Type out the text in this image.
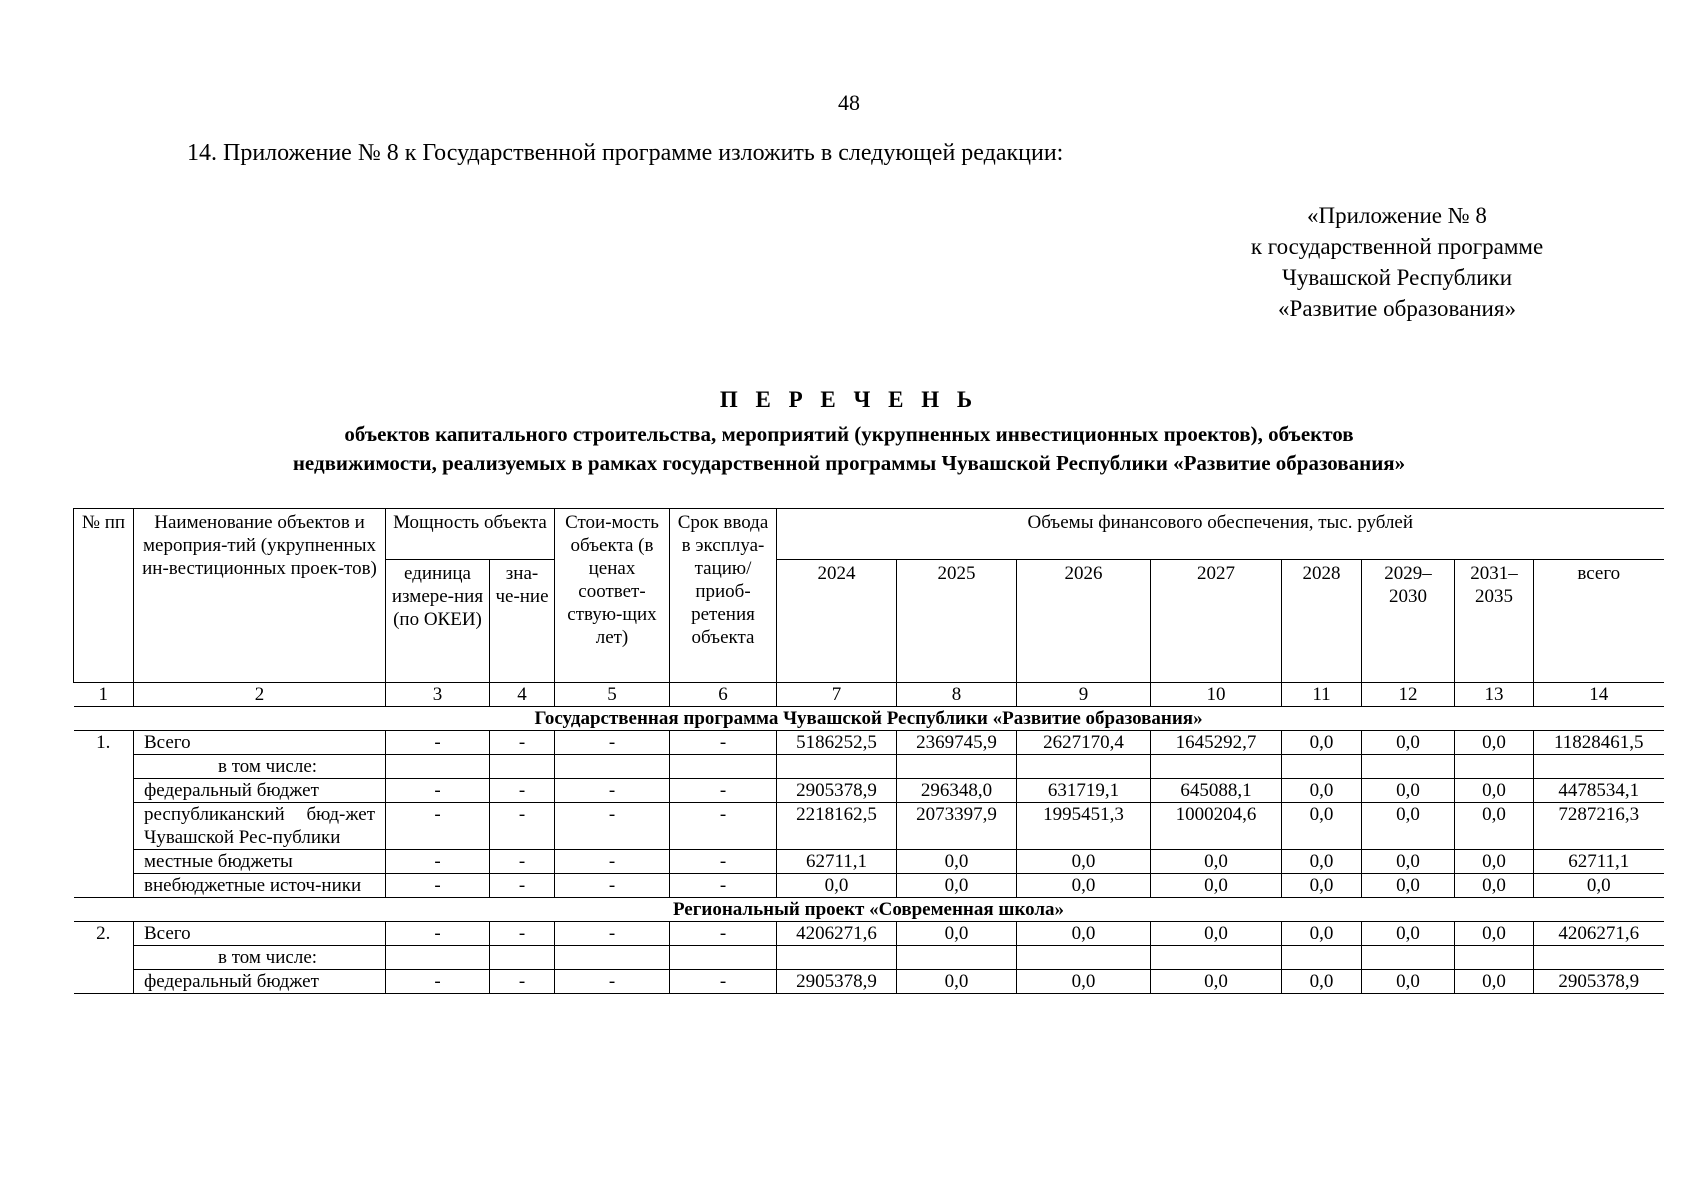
48
14. Приложение № 8 к Государственной программе изложить в следующей редакции:
«Приложение № 8
к государственной программе
Чувашской Республики
«Развитие образования»
П Е Р Е Ч Е Н Ь
объектов капитального строительства, мероприятий (укрупненных инвестиционных проектов), объектов
недвижимости, реализуемых в рамках государственной программы Чувашской Республики «Развитие образования»
№ пп	Наименование объектов и мероприя-тий (укрупненных ин-вестиционных проек-тов)	Мощность объекта		Стои-мость объекта (в ценах соответ-ствую-щих лет)	Срок ввода в эксплуа-тацию/ приоб-ретения объекта	Объемы финансового обеспечения, тыс. рублей							
		единица измере-ния (по ОКЕИ)	зна-че-ние			2024	2025	2026	2027	2028	2029–2030	2031–2035	всего
1	2	3	4	5	6	7	8	9	10	11	12	13	14
Государственная программа Чувашской Республики «Развитие образования»													
1.	Всего	-	-	-	-	5186252,5	2369745,9	2627170,4	1645292,7	0,0	0,0	0,0	11828461,5
	в том числе:												
	федеральный бюджет	-	-	-	-	2905378,9	296348,0	631719,1	645088,1	0,0	0,0	0,0	4478534,1
	республиканский бюд-жет Чувашской Рес-публики	-	-	-	-	2218162,5	2073397,9	1995451,3	1000204,6	0,0	0,0	0,0	7287216,3
	местные бюджеты	-	-	-	-	62711,1	0,0	0,0	0,0	0,0	0,0	0,0	62711,1
	внебюджетные источ-ники	-	-	-	-	0,0	0,0	0,0	0,0	0,0	0,0	0,0	0,0
Региональный проект «Современная школа»													
2.	Всего	-	-	-	-	4206271,6	0,0	0,0	0,0	0,0	0,0	0,0	4206271,6
	в том числе:												
	федеральный бюджет	-	-	-	-	2905378,9	0,0	0,0	0,0	0,0	0,0	0,0	2905378,9
